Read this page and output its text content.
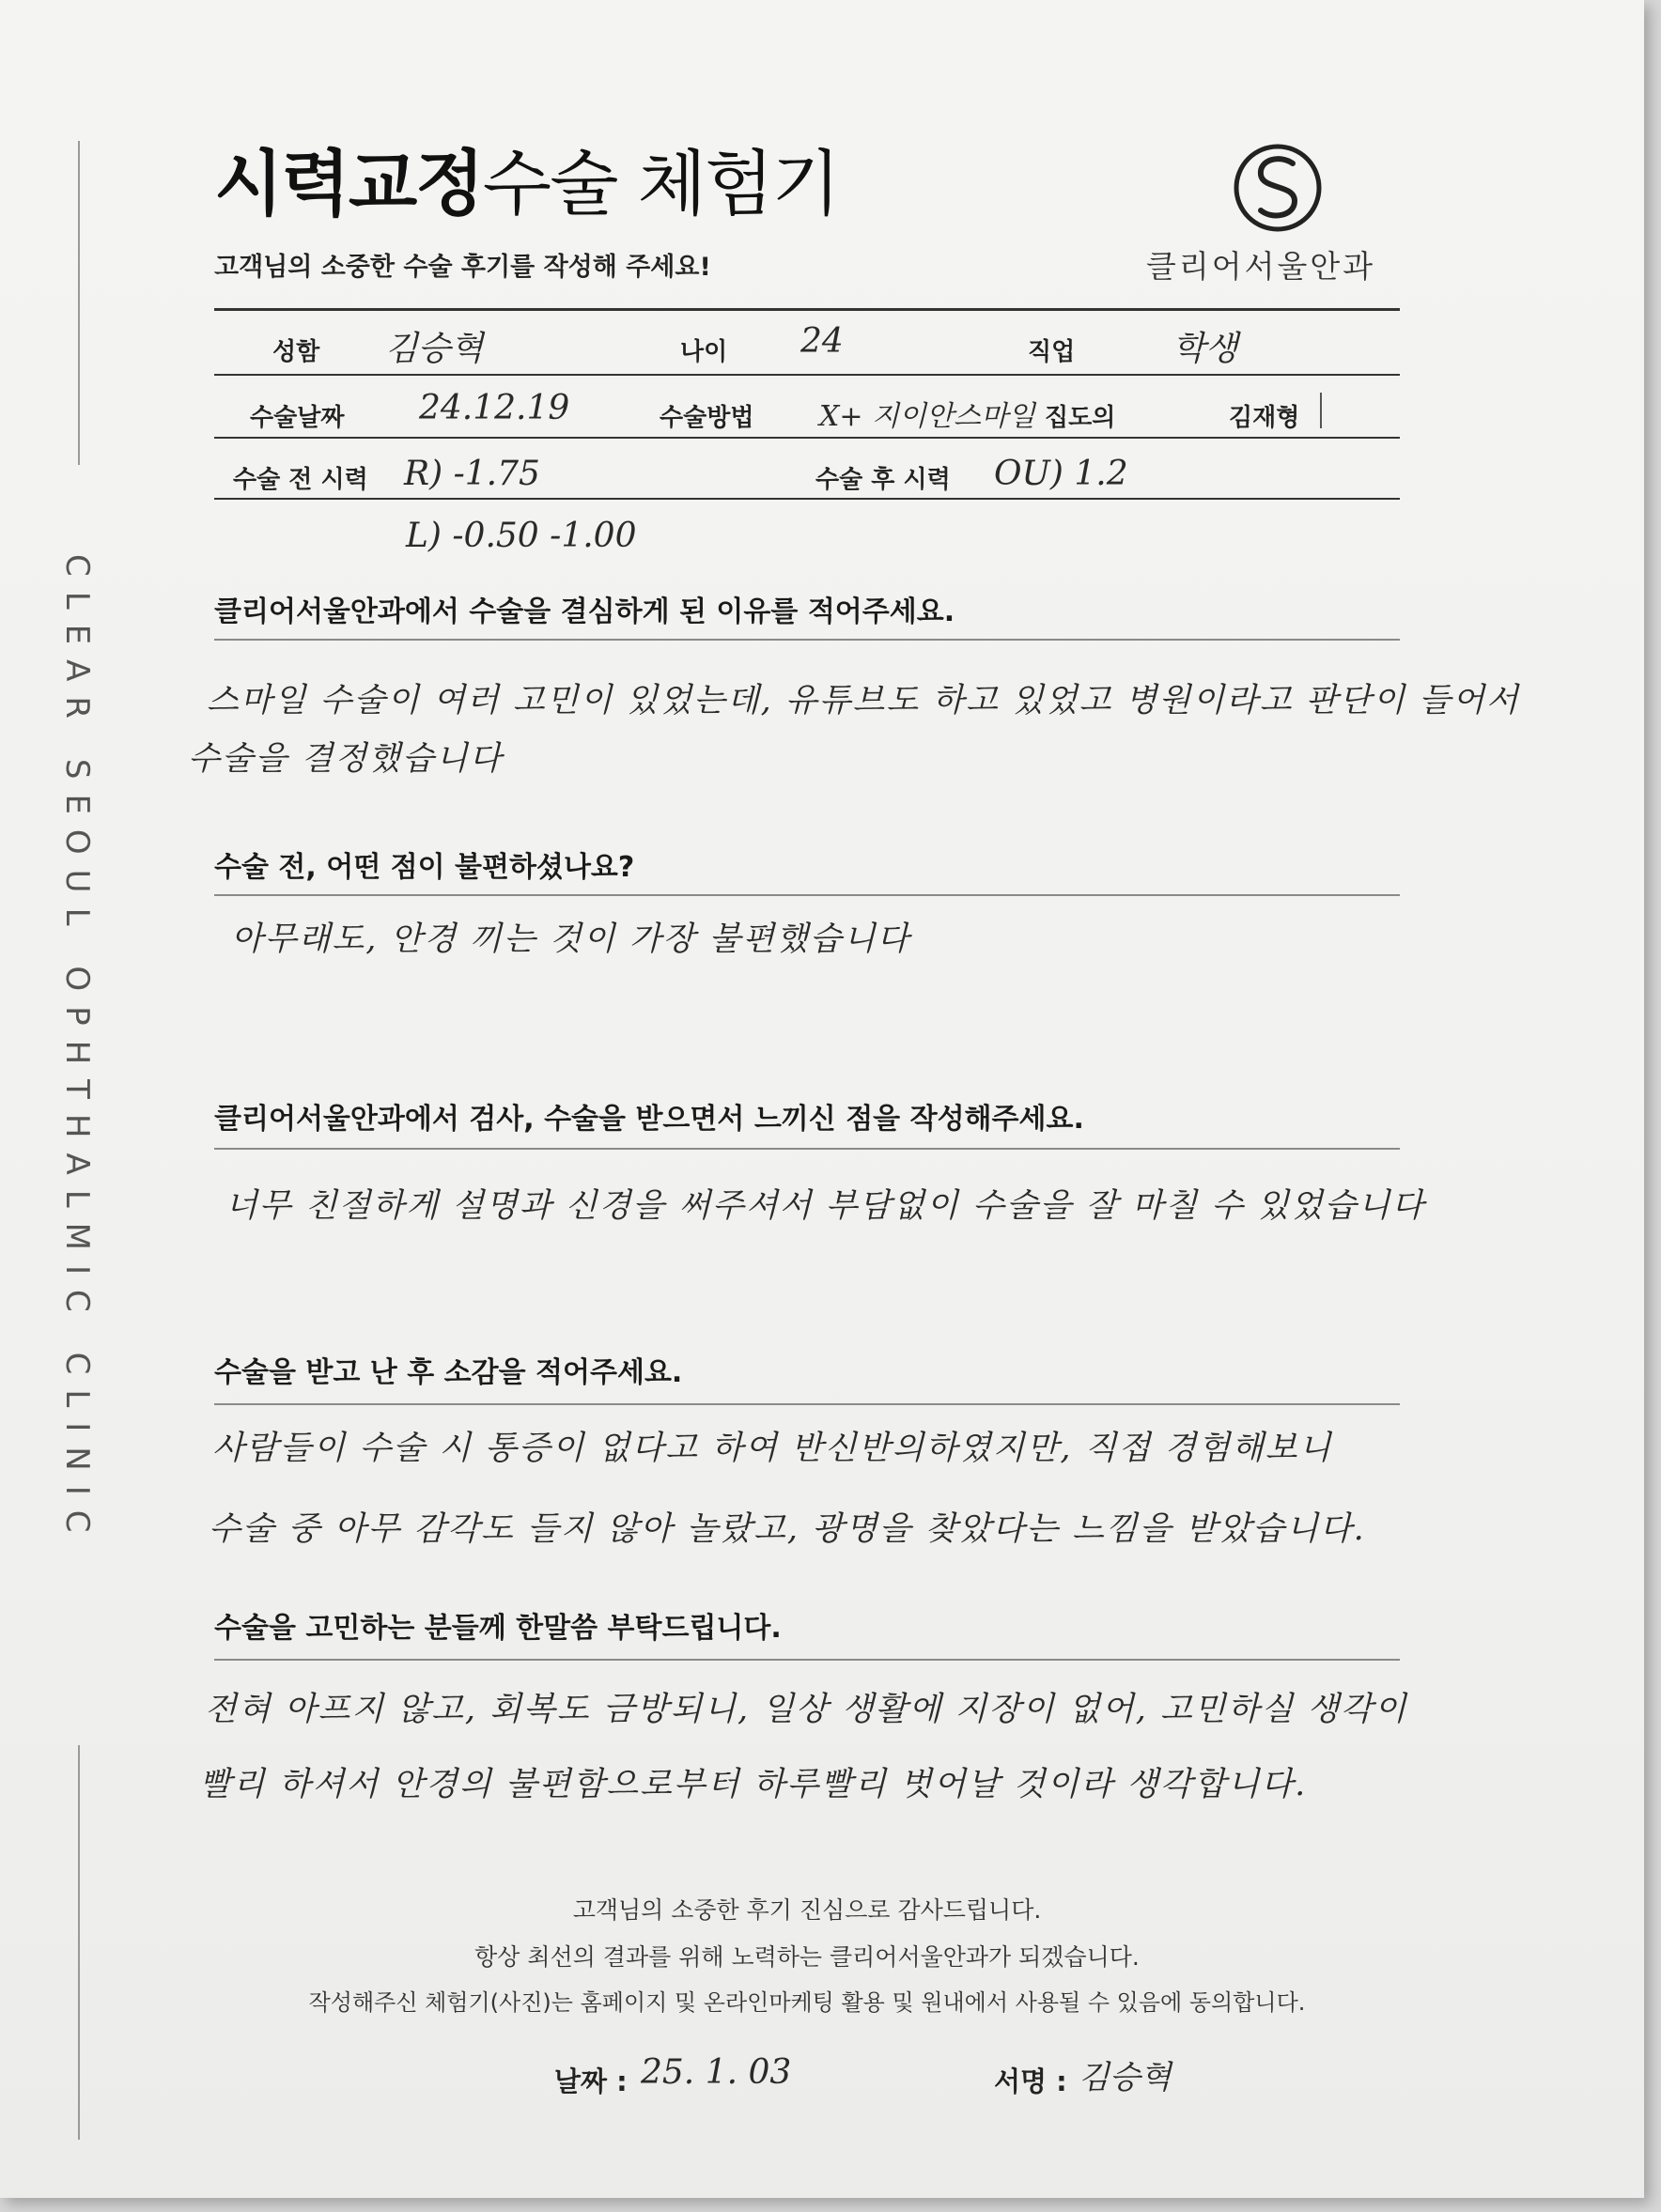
CLEAR SEOUL OPHTHALMIC CLINIC
시력교정수술 체험기
고객님의 소중한 수술 후기를 작성해 주세요!	클리어서울안과
성함 김승혁	나이 24	직업	학생
수술날짜 24.12.19	수술방법 X+ 지이안스마일 집도의	김재형
수술 전 시력 R) -1.75	수술 후 시력 OU) 1.2
L) -0.50 -1.00
클리어서울안과에서 수술을 결심하게 된 이유를 적어주세요.
스마일 수술이 여러 고민이 있었는데, 유튜브도 하고 있었고 병원이라고 판단이 들어서
수술을 결정했습니다
수술 전, 어떤 점이 불편하셨나요?
아무래도, 안경 끼는 것이 가장 불편했습니다
클리어서울안과에서 검사, 수술을 받으면서 느끼신 점을 작성해주세요.
너무 친절하게 설명과 신경을 써주셔서 부담없이 수술을 잘 마칠 수 있었습니다
수술을 받고 난 후 소감을 적어주세요.
사람들이 수술 시 통증이 없다고 하여 반신반의하였지만, 직접 경험해보니
수술 중 아무 감각도 들지 않아 놀랐고, 광명을 찾았다는 느낌을 받았습니다.
수술을 고민하는 분들께 한말씀 부탁드립니다.
전혀 아프지 않고, 회복도 금방되니, 일상 생활에 지장이 없어, 고민하실 생각이
빨리 하셔서 안경의 불편함으로부터 하루빨리 벗어날 것이라 생각합니다.
고객님의 소중한 후기 진심으로 감사드립니다.
항상 최선의 결과를 위해 노력하는 클리어서울안과가 되겠습니다.
작성해주신 체험기(사진)는 홈페이지 및 온라인마케팅 활용 및 원내에서 사용될 수 있음에 동의합니다.
날짜 : 25. 1. 03	서명 : 김승혁
